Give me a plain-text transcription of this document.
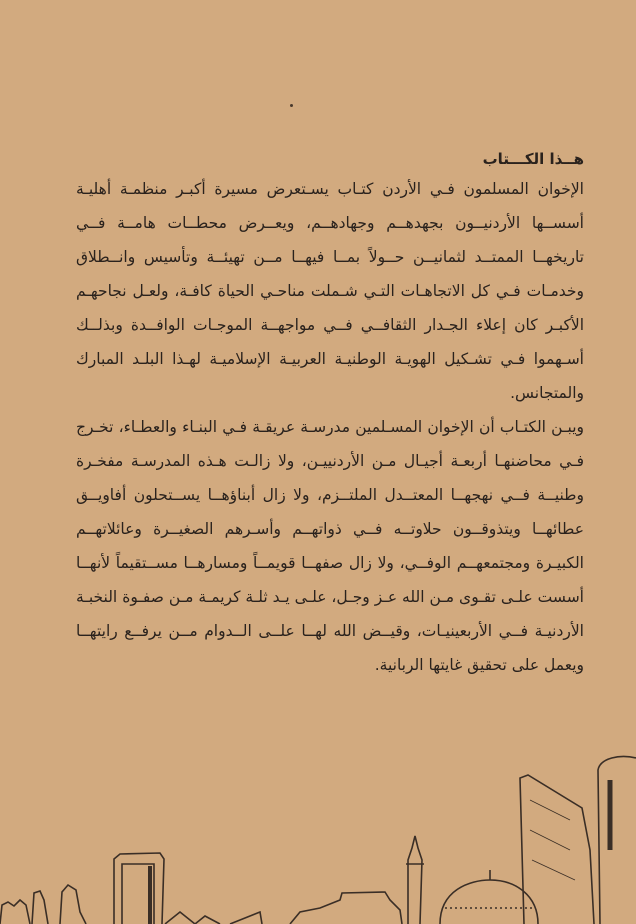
هــذا الكـــتاب
الإخوان المسلمون فـي الأردن كتـاب يسـتعرض مسيرة أكبـر منظمـة أهليـة
أسســها الأردنيــون بجهدهــم وجهادهــم، ويعــرض محطــات هامــة فــي
تاريخهــا الممتــد لثمانيــن حــولاً بمــا فيهــا مــن تهيئــة وتأسيس وانــطلاق
وخدمـات فـي كل الاتجاهـات التـي شـملت مناحـي الحياة كافـة، ولعـل نجاحهـم
الأكبـر كان إعلاء الجـدار الثقافــي فــي مواجهــة الموجـات الوافــدة وبذلــك
أسـهموا فـي تشـكيل الهويـة الوطنيـة العربيـة الإسلاميـة لهـذا البلـد المبارك
والمتجانس.
ويبـن الكتـاب أن الإخوان المسـلمين مدرسـة عريقـة فـي البنـاء والعطـاء، تخـرج
فـي محاضنهـا أربعـة أجيـال مـن الأردنييـن، ولا زالـت هـذه المدرسـة مفخـرة
وطنيــة فــي نهجهــا المعتــدل الملتــزم، ولا زال أبناؤهــا يســتحلون أفاويــق
عطائهــا ويتذوقــون حلاوتــه فــي ذواتهــم وأسـرهم الصغيــرة وعائلاتهــم
الكبيـرة ومجتمعهــم الوفــي، ولا زال صفهــا قويمــاً ومسارهــا مســتقيماً لأنهــا
أسست علـى تقـوى مـن الله عـز وجـل، علـى يـد ثلـة كريمـة مـن صفـوة النخبـة
الأردنيـة فــي الأربعينيـات، وقيــض الله لهــا علــى الــدوام مــن يرفــع رايتهــا
ويعمل على تحقيق غايتها الربانية.
